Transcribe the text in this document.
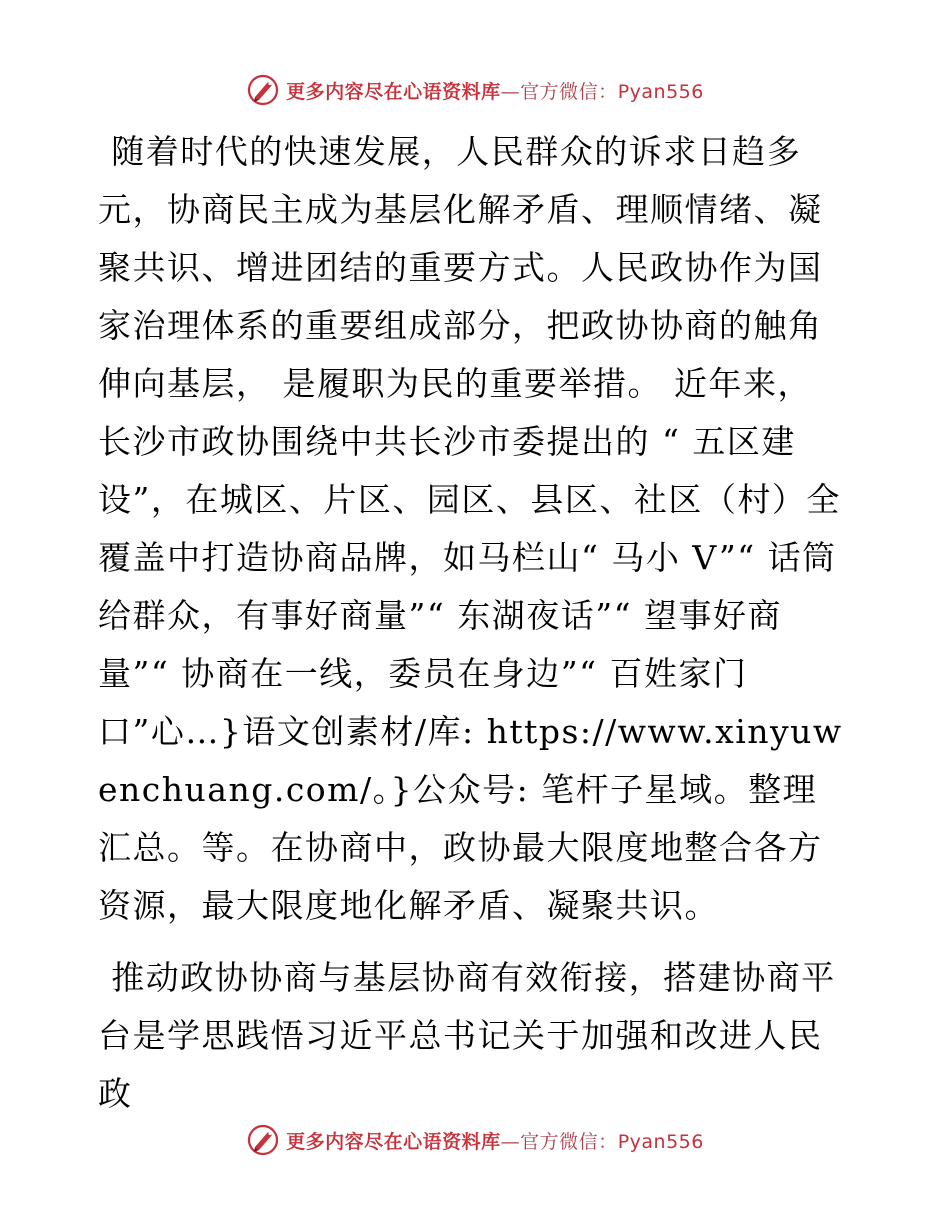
更多内容尽在心语资料库—官方微信：Pyan556

随着时代的快速发展，人民群众的诉求日趋多元，协商民主成为基层化解矛盾、理顺情绪、凝聚共识、增进团结的重要方式。人民政协作为国家治理体系的重要组成部分，把政协协商的触角伸向基层， 是履职为民的重要举措。 近年来， 长沙市政协围绕中共长沙市委提出的 “ 五区建设”，在城区、片区、园区、县区、社区（村）全覆盖中打造协商品牌，如马栏山“ 马小 V”“ 话筒给群众，有事好商量”“ 东湖夜话”“ 望事好商量”“ 协商在一线，委员在身边”“ 百姓家门口”心…}语文创素材/库: https://www.xinyuwenchuang.com/。}公众号: 笔杆子星域。整理汇总。等。在协商中，政协最大限度地整合各方资源，最大限度地化解矛盾、凝聚共识。

推动政协协商与基层协商有效衔接，搭建协商平台是学思践悟习近平总书记关于加强和改进人民政

更多内容尽在心语资料库—官方微信：Pyan556
